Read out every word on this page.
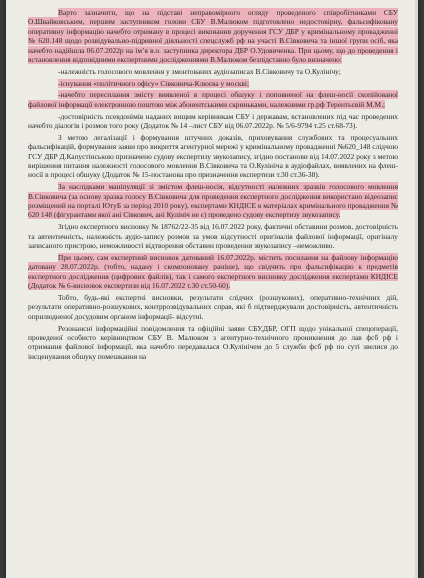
Варто зазначити, що на підставі неправомірного огляду проведеного співробітниками СБУ О.Швайковським, першим заступником голови СБУ В.Малюком підготовлено недостовірну, фальсифіковану оперативну інформацію начебто отриману в процесі виконання доручення ГСУ ДБР у кримінальному провадженні № 620.148 щодо розвідувально-підривної діяльності спецслужб рф на участі В.Сівковича та іншої групи осіб, яка начебто надійшла 06.07.2022р на ім’я в.о. заступника директора ДБР О.Удовиченка. При цьому, що до проведення і встановлення відповідними експертними дослідженнями В.Малюком безпідставно було визначено:

-належність голосового мовлення у змонтованих аудіозаписах В.Сівковичу та О.Кулінічу;

-існування «політичного офісу» Сівковича-Клюєва у москві;

-начебто пересилання змісту виявленої в процесі обшуку і поповненої на флеш-носії скопійованої файлової інформації електронною поштою між абонентськими скриньками, належними гр.рф Терентьєвій М.М.;

-достовірність псевдонімів наданих вищим керівникам СБУ і державам, встановлених під час проведених начебто діалогів і розмов того року (Додаток № 14 –лист СБУ від 06.07.2022р. № 5/6-9794 т.25 ст.68-73).

З метою легалізації і формування штучних доказів, приховування службових та процесуальних фальсифікацій, формування заяви про викриття агентурної мережі у кримінальному провадженні №620_148 слідчою ГСУ ДБР Д.Капустінською призначено судову експертизу звукозапису, згідно постанови від 14.07.2022 року з метою вирішення питання належності голосового мовлення В.Сівковича та О.Кулініча в аудіофайлах, виявлених на флеш-носії в процесі обшуку (Додаток № 15-постанова про призначення експертизи т.30 ст.36-38).

За наслідками маніпуляції зі змістом флеш-носія, відсутності належних зразків голосового мовлення В.Сівковича (за основу зразка голосу В.Сівковича для проведення експертного дослідження використано відеозапис розміщений на порталі ЮтуБ за період 2010 року), експертами КНДІСЕ в матеріалах кримінального провадження № 620 148 (фігурантами якої ані Сівкович, ані Кулініч не є) проведено судову експертизу звукозапису.

Згідно експертного висновку № 18762/22-35 від 16.07.2022 року, фактичні обставини розмов, достовірність та автентичність, належність аудіо-запису розмов за умов відсутності оригіналів файлової інформації, оригіналу записаного пристрою, неможливості відтворення обставин проведення звукозапису –неможливо.

При цьому, сам експертний висновок датований 16.07.2022р. містить посилання на файлову інформацію датовану 28.07.2022р. (тобто, надану і скомпоновану раніше), що свідчить про фальсифікацію к предметів експертного дослідження (цифрових файлів), так і самого експертного висновку дослідження експертами КНДІСЕ (Додаток № 6-висновок експертизи від 16.07.2022 т.30 ст.50-60).

Тобто, будь-які експертні висновки, результати слідчих (розшукових), оперативно-технічних дій, результати оперативно-розшукових, контррозвідувальних справ, які б підтверджували достовірність, автентичність оприлюдненої досудовим органом інформації- відсутні.

Резонансні інформаційні повідомлення та офіційні заяви СБУ,ДБР, ОГП щодо унікальної спецоперації, проведеної особисто керівництвом СБУ В. Малюком з агентурно-технічного проникнення до лав фсб рф і отримання файлової інформації, яка начебто передавалася О.Кулінічем до 5 служби фсб рф по суті звелися до інсценування обшуку помешкання на
